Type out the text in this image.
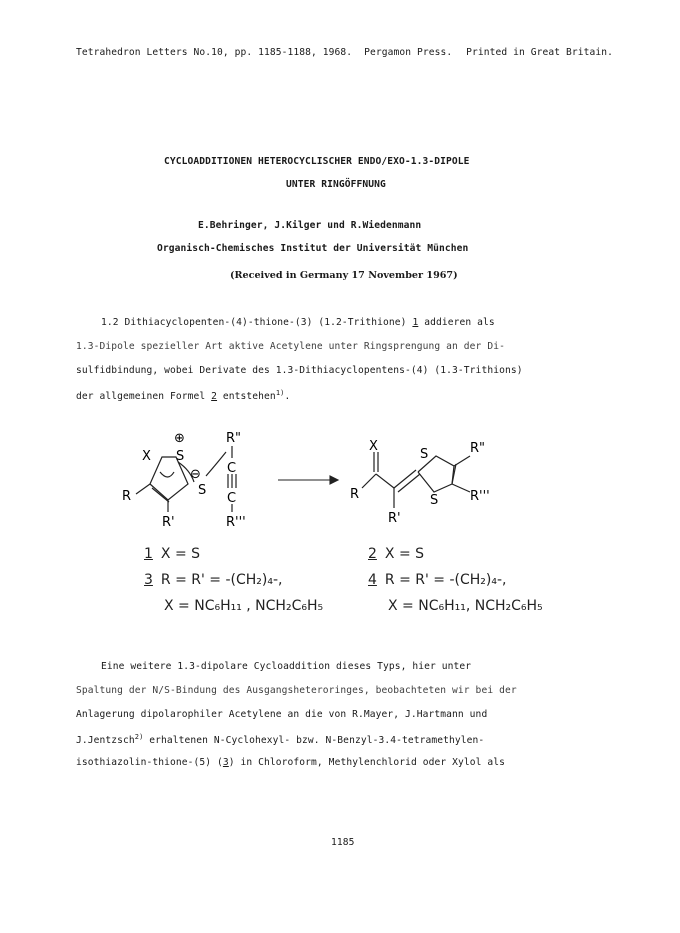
Tetrahedron Letters No.10, pp. 1185-1188, 1968. Pergamon Press. Printed in Great Britain.
CYCLOADDITIONEN HETEROCYCLISCHER ENDO/EXO-1.3-DIPOLE
UNTER RINGÖFFNUNG
E.Behringer, J.Kilger und R.Wiedenmann
Organisch-Chemisches Institut der Universität München
(Received in Germany 17 November 1967)
1.2 Dithiacyclopenten-(4)-thione-(3) (1.2-Trithione) 1 addieren als
1.3-Dipole spezieller Art aktive Acetylene unter Ringsprengung an der Di-
sulfidbindung, wobei Derivate des 1.3-Dithiacyclopentens-(4) (1.3-Trithions)
der allgemeinen Formel 2 entstehen$^{1)}$.
X S
⊕
⊖
S
R
R'
R"
C
C
R'''
X
S
S
R
R'
R"
R'''
1 X = S
3 R = R' = -(CH₂)₄-,
X = NC₆H₁₁ , NCH₂C₆H₅
2 X = S
4 R = R' = -(CH₂)₄-,
X = NC₆H₁₁, NCH₂C₆H₅
Eine weitere 1.3-dipolare Cycloaddition dieses Typs, hier unter
Spaltung der N/S-Bindung des Ausgangsheteroringes, beobachteten wir bei der
Anlagerung dipolarophiler Acetylene an die von R.Mayer, J.Hartmann und
J.Jentzsch$^{2)}$ erhaltenen N-Cyclohexyl- bzw. N-Benzyl-3.4-tetramethylen-
isothiazolin-thione-(5) (3) in Chloroform, Methylenchlorid oder Xylol als
1185
